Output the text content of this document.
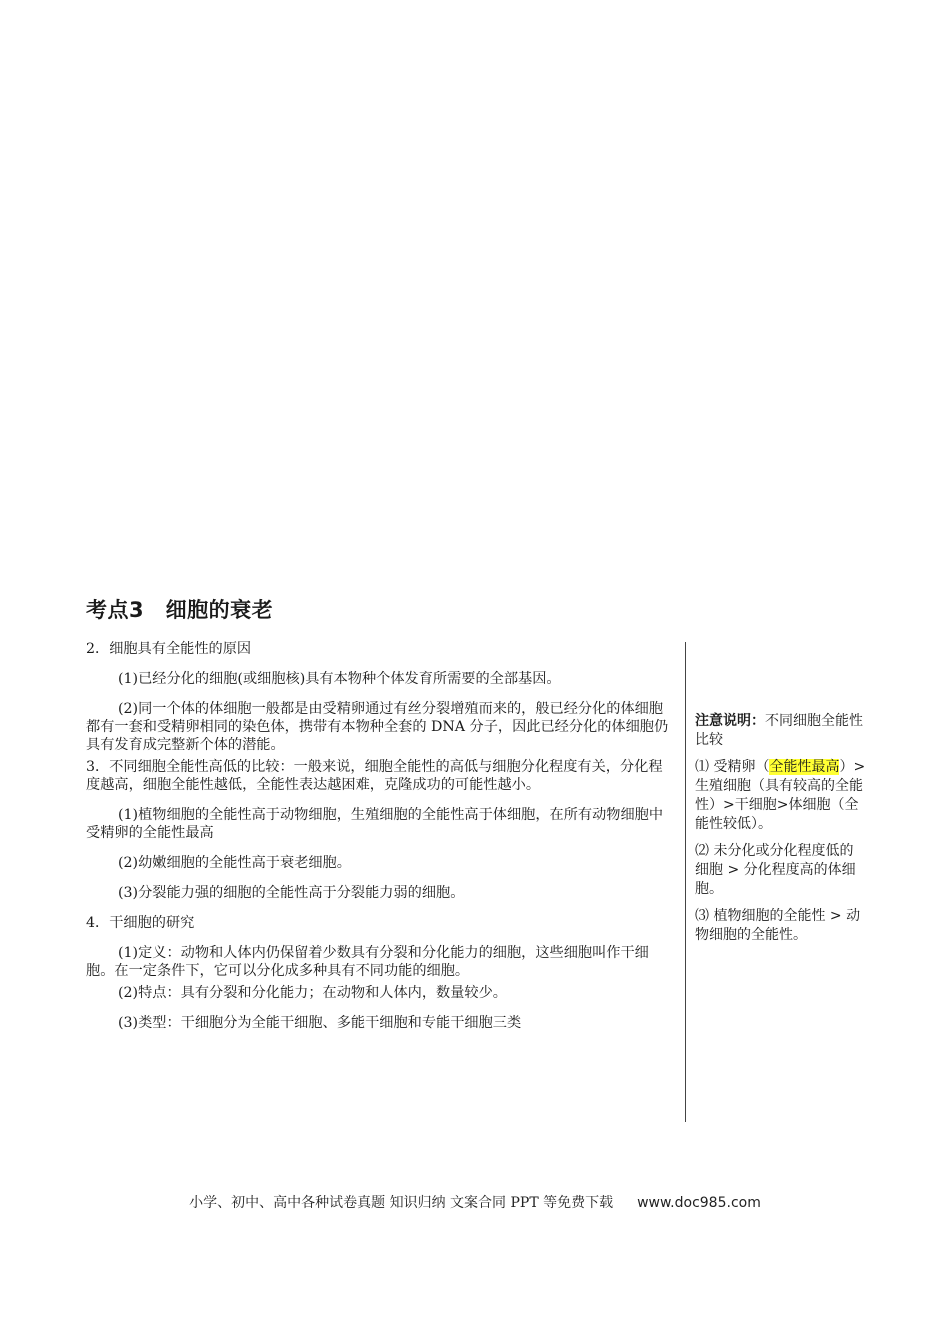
考点3　细胞的衰老

2．细胞具有全能性的原因

(1)已经分化的细胞(或细胞核)具有本物种个体发育所需要的全部基因。

(2)同一个体的体细胞一般都是由受精卵通过有丝分裂增殖而来的，般已经分化的体细胞都有一套和受精卵相同的染色体，携带有本物种全套的 DNA 分子，因此已经分化的体细胞仍具有发育成完整新个体的潜能。

3．不同细胞全能性高低的比较：一般来说，细胞全能性的高低与细胞分化程度有关，分化程度越高，细胞全能性越低，全能性表达越困难，克隆成功的可能性越小。

(1)植物细胞的全能性高于动物细胞，生殖细胞的全能性高于体细胞，在所有动物细胞中受精卵的全能性最高

(2)幼嫩细胞的全能性高于衰老细胞。

(3)分裂能力强的细胞的全能性高于分裂能力弱的细胞。

4．干细胞的研究

(1)定义：动物和人体内仍保留着少数具有分裂和分化能力的细胞，这些细胞叫作干细胞。在一定条件下，它可以分化成多种具有不同功能的细胞。

(2)特点：具有分裂和分化能力；在动物和人体内，数量较少。

(3)类型：干细胞分为全能干细胞、多能干细胞和专能干细胞三类

注意说明：不同细胞全能性比较

⑴ 受精卵（全能性最高）>生殖细胞（具有较高的全能性）>干细胞>体细胞（全能性较低）。

⑵ 未分化或分化程度低的细胞 > 分化程度高的体细胞。

⑶ 植物细胞的全能性 > 动物细胞的全能性。

小学、初中、高中各种试卷真题 知识归纳 文案合同 PPT 等免费下载 www.doc985.com
